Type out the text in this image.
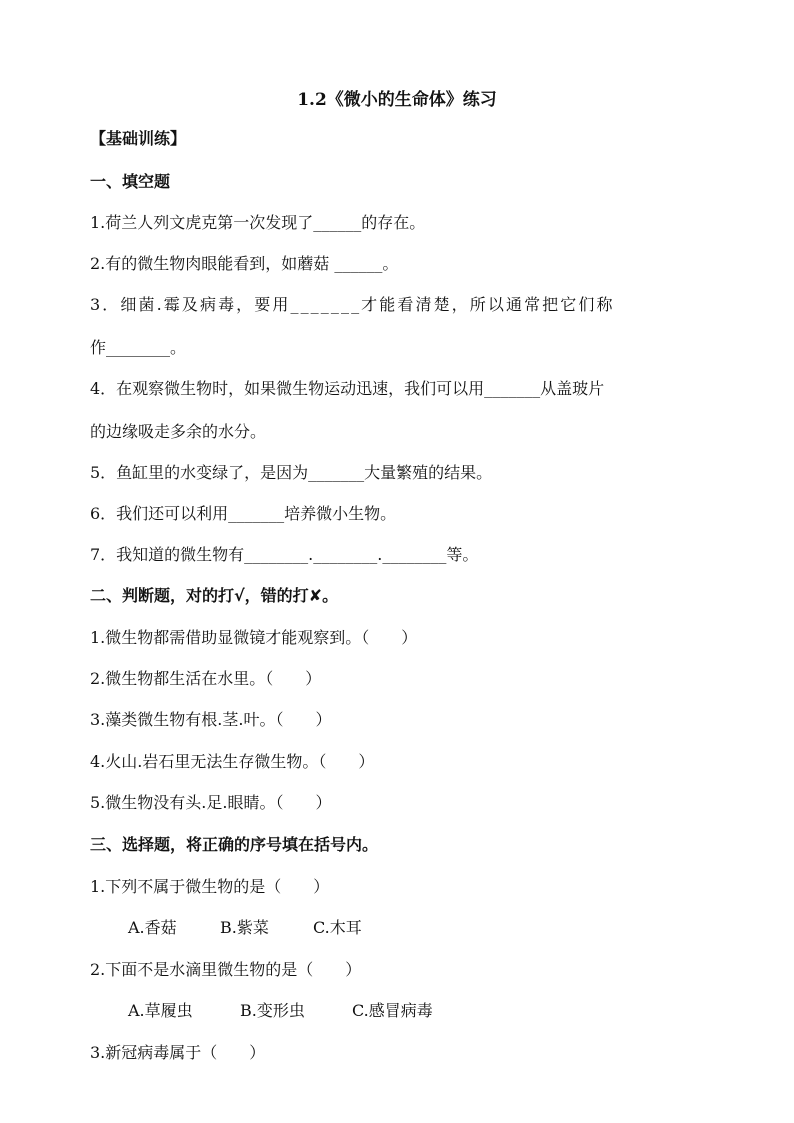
1.2《微小的生命体》练习
【基础训练】
一、填空题
1.荷兰人列文虎克第一次发现了______的存在。
2.有的微生物肉眼能看到，如蘑菇 ______。
3．细菌.霉及病毒，要用_______才能看清楚，所以通常把它们称
作________。
4．在观察微生物时，如果微生物运动迅速，我们可以用_______从盖玻片
的边缘吸走多余的水分。
5．鱼缸里的水变绿了，是因为_______大量繁殖的结果。
6．我们还可以利用_______培养微小生物。
7．我知道的微生物有________.________.________等。
二、判断题，对的打√，错的打✘。
1.微生物都需借助显微镜才能观察到。（　　）
2.微生物都生活在水里。（　　）
3.藻类微生物有根.茎.叶。（　　）
4.火山.岩石里无法生存微生物。（　　）
5.微生物没有头.足.眼睛。（　　）
三、选择题，将正确的序号填在括号内。
1.下列不属于微生物的是（　　）
A.香菇	B.紫菜	C.木耳
2.下面不是水滴里微生物的是（　　）
A.草履虫	B.变形虫	C.感冒病毒
3.新冠病毒属于（　　）
